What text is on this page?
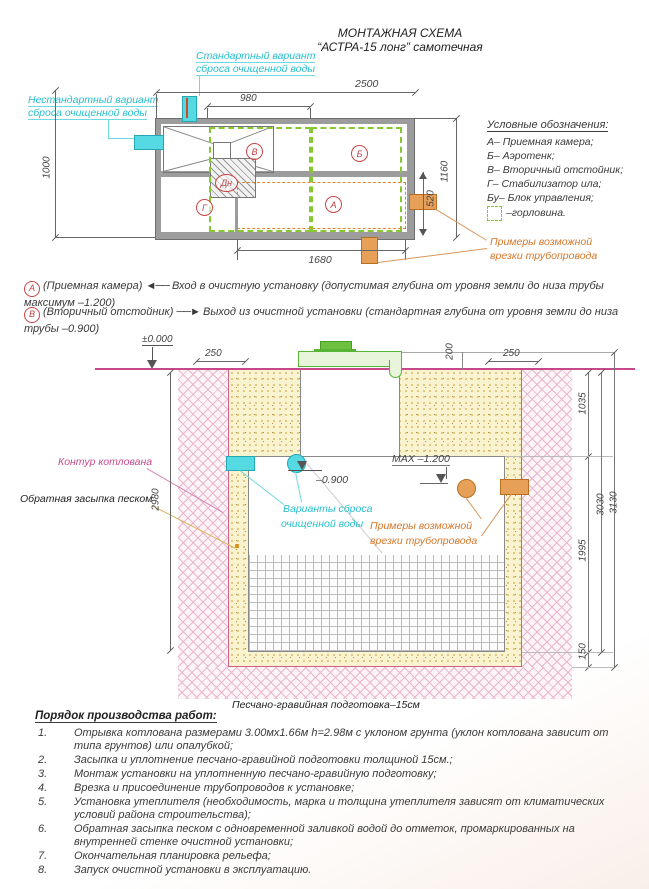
МОНТАЖНАЯ СХЕМА
“АСТРА-15 лонг” самотечная
Стандартный вариант
сброса очищенной воды
Нестандартный вариант
сброса очищенной воды
2500
980
В	Б
Дн
Г	А
1000	1160
520
1680
Примеры возможной
врезки трубопровода
Условные обозначения:
А– Приемная камера;
Б– Аэротенк;
В– Вторичный отстойник;
Г– Стабилизатор ила;
Бу– Блок управления;
–горловина.
А (Приемная камера) ◄── Вход в очистную установку (допустимая глубина от уровня земли до низа трубы максимум –1.200)
В (Вторичный отстойник) ──► Выход из очистной установки (стандартная глубина от уровня земли до низа трубы –0.900)
±0.000
250	250
200
–0.900
MAX –1.200
Варианты сброса
очищенной воды Примеры возможной
врезки трубопровода
Контур котлована
Обратная засыпка песком
2980
1035
1995
150
3030 3130
Песчано-гравийная подготовка–15см
Порядок производства работ:
1.	Отрывка котлована размерами 3.00мх1.66м h=2.98м с уклоном грунта (уклон котлована зависит от типа грунтов) или опалубкой;
2.	Засыпка и уплотнение песчано-гравийной подготовки толщиной 15см.;
3.	Монтаж установки на уплотненную песчано-гравийную подготовку;
4.	Врезка и присоединение трубопроводов к установке;
5.	Установка утеплителя (необходимость, марка и толщина утеплителя зависят от климатических условий района строительства);
6.	Обратная засыпка песком с одновременной заливкой водой до отметок, промаркированных на внутренней стенке очистной установки;
7.	Окончательная планировка рельефа;
8.	Запуск очистной установки в эксплуатацию.
